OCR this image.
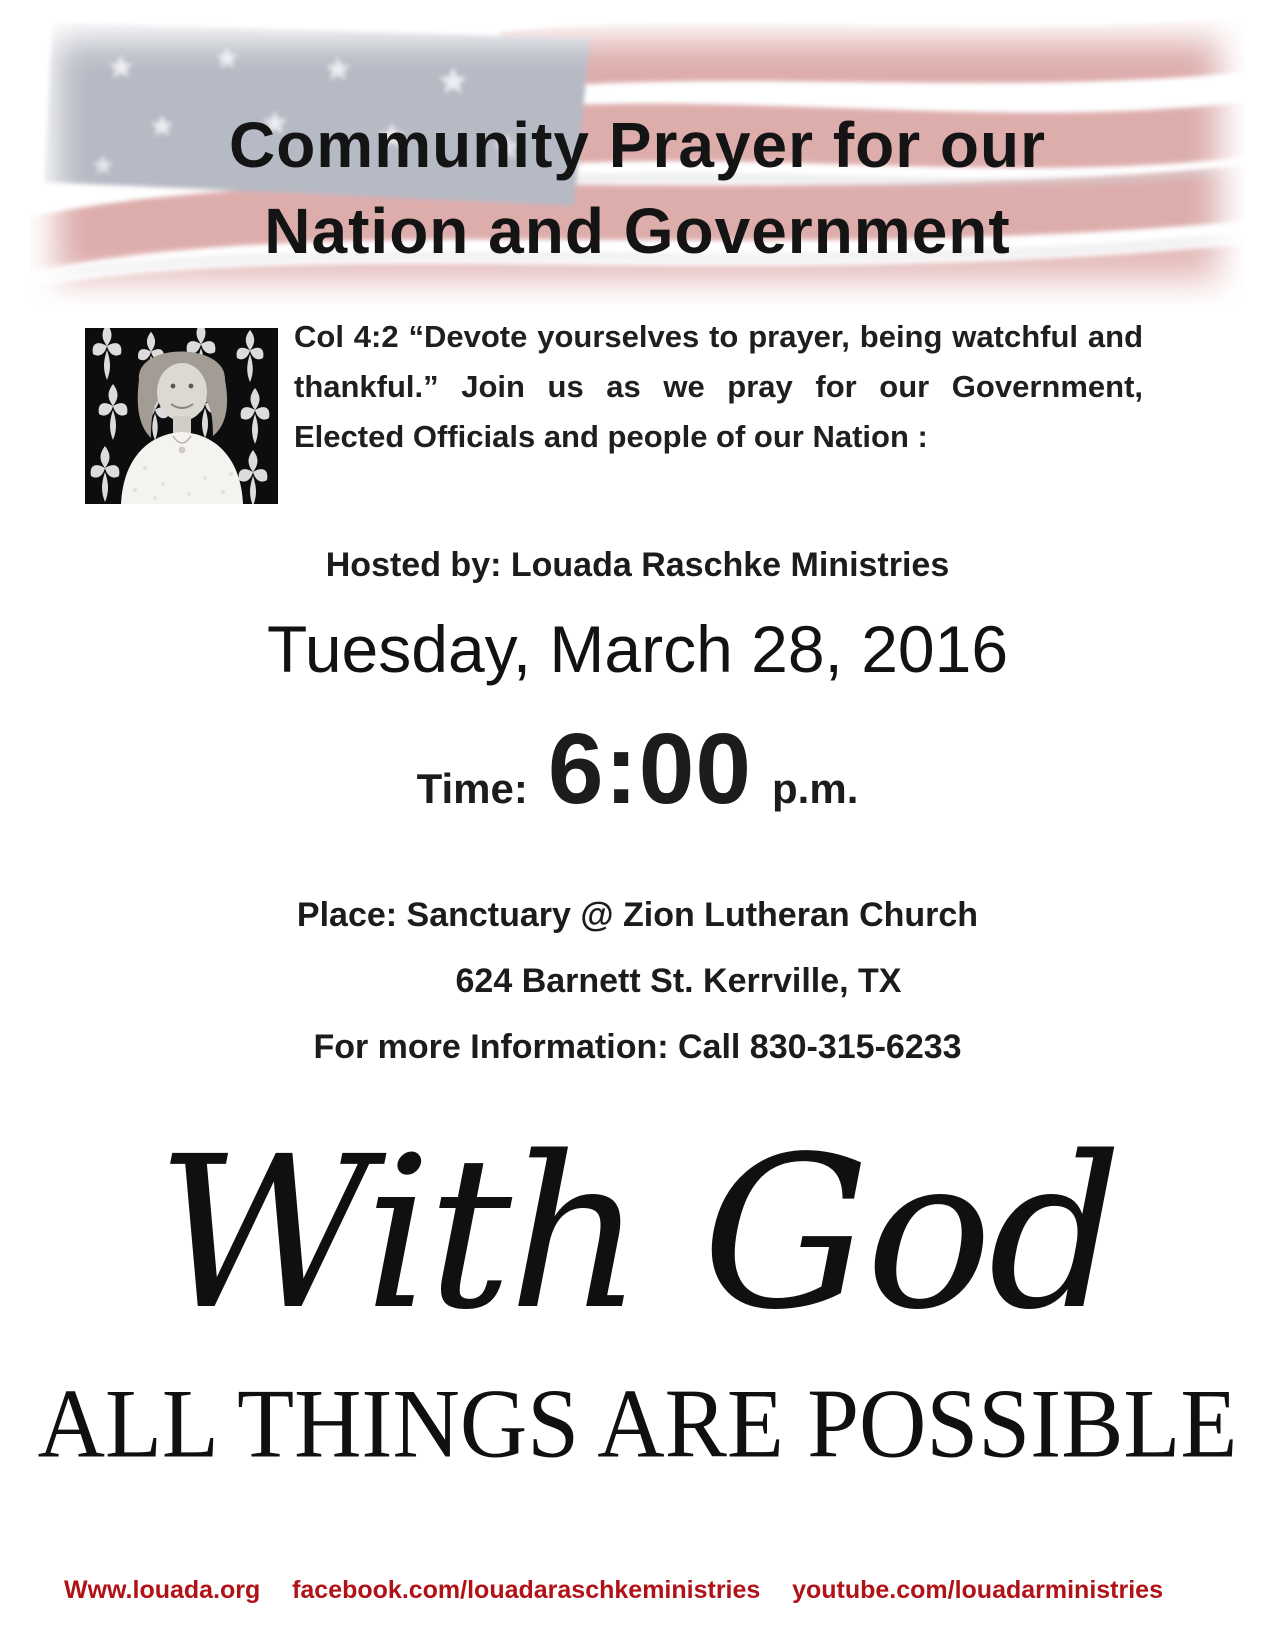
Community Prayer for our
Nation and Government
Col 4:2 “Devote yourselves to prayer, being watchful and thankful.” Join us as we pray for our Government, Elected Officials and people of our Nation :
Hosted by: Louada Raschke Ministries
Tuesday, March 28, 2016
Time: 6:00 p.m.
Place: Sanctuary @ Zion Lutheran Church
624 Barnett St. Kerrville, TX
For more Information: Call 830-315-6233
With God
ALL THINGS ARE POSSIBLE
Www.louada.org facebook.com/louadaraschkeministries youtube.com/louadarministries
